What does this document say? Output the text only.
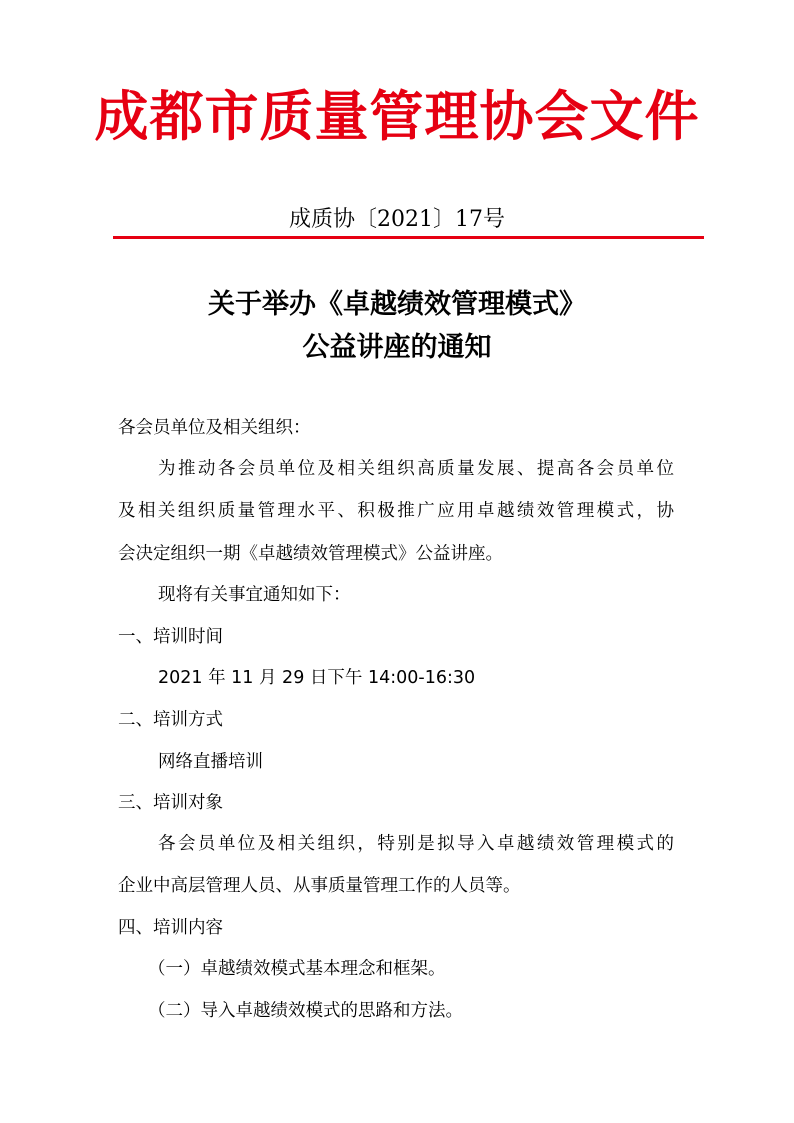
成都市质量管理协会文件
成质协〔2021〕17号
关于举办《卓越绩效管理模式》
公益讲座的通知
各会员单位及相关组织：
为推动各会员单位及相关组织高质量发展、提高各会员单位
及相关组织质量管理水平、积极推广应用卓越绩效管理模式，协
会决定组织一期《卓越绩效管理模式》公益讲座。
现将有关事宜通知如下：
一、培训时间
2021 年 11 月 29 日下午 14:00-16:30
二、培训方式
网络直播培训
三、培训对象
各会员单位及相关组织，特别是拟导入卓越绩效管理模式的
企业中高层管理人员、从事质量管理工作的人员等。
四、培训内容
（一）卓越绩效模式基本理念和框架。
（二）导入卓越绩效模式的思路和方法。
